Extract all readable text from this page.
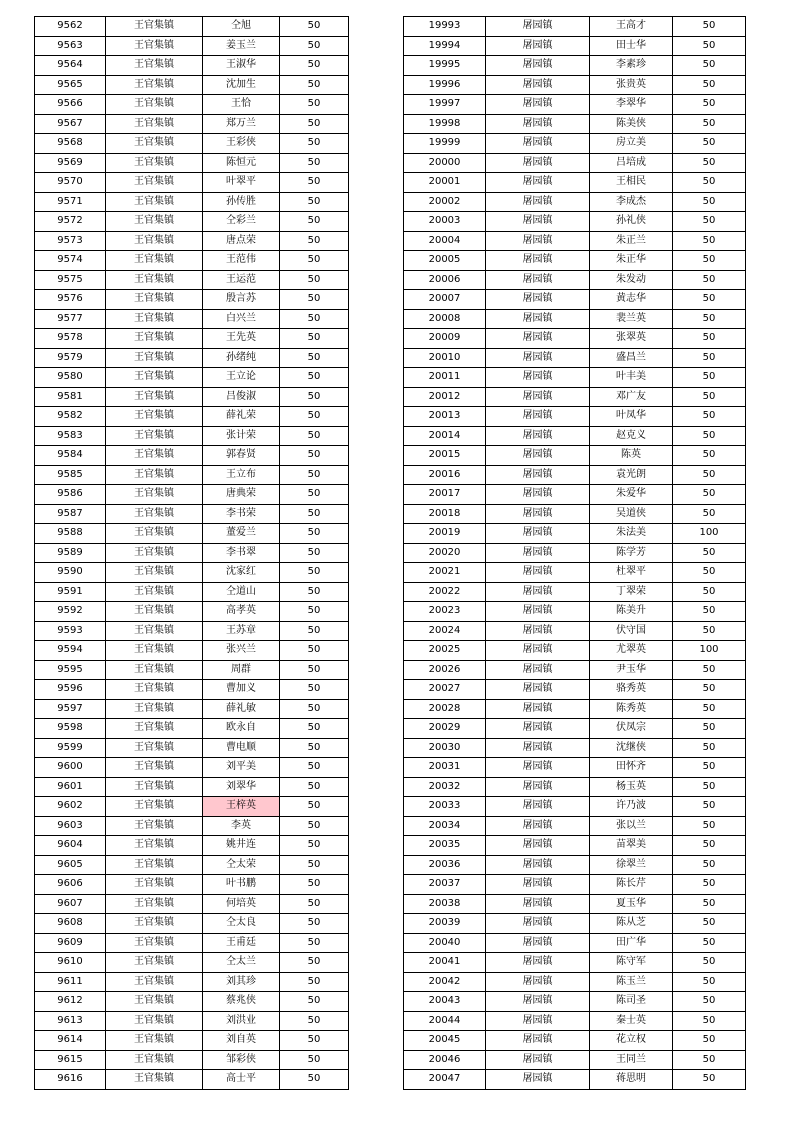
9562	王官集镇	仝旭	50
9563	王官集镇	姜玉兰	50
9564	王官集镇	王淑华	50
9565	王官集镇	沈加生	50
9566	王官集镇	王恰	50
9567	王官集镇	郑万兰	50
9568	王官集镇	王彩侠	50
9569	王官集镇	陈恒元	50
9570	王官集镇	叶翠平	50
9571	王官集镇	孙传胜	50
9572	王官集镇	仝彩兰	50
9573	王官集镇	唐点荣	50
9574	王官集镇	王范伟	50
9575	王官集镇	王运范	50
9576	王官集镇	殷言苏	50
9577	王官集镇	白兴兰	50
9578	王官集镇	王先英	50
9579	王官集镇	孙绪纯	50
9580	王官集镇	王立论	50
9581	王官集镇	吕俊淑	50
9582	王官集镇	薛礼荣	50
9583	王官集镇	张计荣	50
9584	王官集镇	郭春贤	50
9585	王官集镇	王立布	50
9586	王官集镇	唐典荣	50
9587	王官集镇	李书荣	50
9588	王官集镇	董爱兰	50
9589	王官集镇	李书翠	50
9590	王官集镇	沈家红	50
9591	王官集镇	仝道山	50
9592	王官集镇	高孝英	50
9593	王官集镇	王苏章	50
9594	王官集镇	张兴兰	50
9595	王官集镇	周群	50
9596	王官集镇	曹加义	50
9597	王官集镇	薛礼敏	50
9598	王官集镇	欧永自	50
9599	王官集镇	曹电顺	50
9600	王官集镇	刘平美	50
9601	王官集镇	刘翠华	50
9602	王官集镇	王梓英	50
9603	王官集镇	李英	50
9604	王官集镇	姚井连	50
9605	王官集镇	仝太荣	50
9606	王官集镇	叶书鹏	50
9607	王官集镇	何培英	50
9608	王官集镇	仝太良	50
9609	王官集镇	王甫廷	50
9610	王官集镇	仝太兰	50
9611	王官集镇	刘其珍	50
9612	王官集镇	蔡兆侠	50
9613	王官集镇	刘洪业	50
9614	王官集镇	刘自英	50
9615	王官集镇	邹彩侠	50
9616	王官集镇	高士平	50
19993	屠园镇	王高才	50
19994	屠园镇	田士华	50
19995	屠园镇	李素珍	50
19996	屠园镇	张贵英	50
19997	屠园镇	李翠华	50
19998	屠园镇	陈美侠	50
19999	屠园镇	房立美	50
20000	屠园镇	吕培成	50
20001	屠园镇	王相民	50
20002	屠园镇	李成杰	50
20003	屠园镇	孙礼侠	50
20004	屠园镇	朱正兰	50
20005	屠园镇	朱正华	50
20006	屠园镇	朱发动	50
20007	屠园镇	黄志华	50
20008	屠园镇	裴兰英	50
20009	屠园镇	张翠英	50
20010	屠园镇	盛昌兰	50
20011	屠园镇	叶丰美	50
20012	屠园镇	邓广友	50
20013	屠园镇	叶凤华	50
20014	屠园镇	赵克义	50
20015	屠园镇	陈英	50
20016	屠园镇	袁光朗	50
20017	屠园镇	朱爱华	50
20018	屠园镇	吴道侠	50
20019	屠园镇	朱法美	100
20020	屠园镇	陈学芳	50
20021	屠园镇	杜翠平	50
20022	屠园镇	丁翠荣	50
20023	屠园镇	陈美升	50
20024	屠园镇	伏守国	50
20025	屠园镇	尤翠英	100
20026	屠园镇	尹玉华	50
20027	屠园镇	骆秀英	50
20028	屠园镇	陈秀英	50
20029	屠园镇	伏凤宗	50
20030	屠园镇	沈继侠	50
20031	屠园镇	田怀齐	50
20032	屠园镇	杨玉英	50
20033	屠园镇	许乃波	50
20034	屠园镇	张以兰	50
20035	屠园镇	苗翠美	50
20036	屠园镇	徐翠兰	50
20037	屠园镇	陈长芹	50
20038	屠园镇	夏玉华	50
20039	屠园镇	陈从芝	50
20040	屠园镇	田广华	50
20041	屠园镇	陈守军	50
20042	屠园镇	陈玉兰	50
20043	屠园镇	陈司圣	50
20044	屠园镇	秦士英	50
20045	屠园镇	花立权	50
20046	屠园镇	王同兰	50
20047	屠园镇	蒋思明	50
